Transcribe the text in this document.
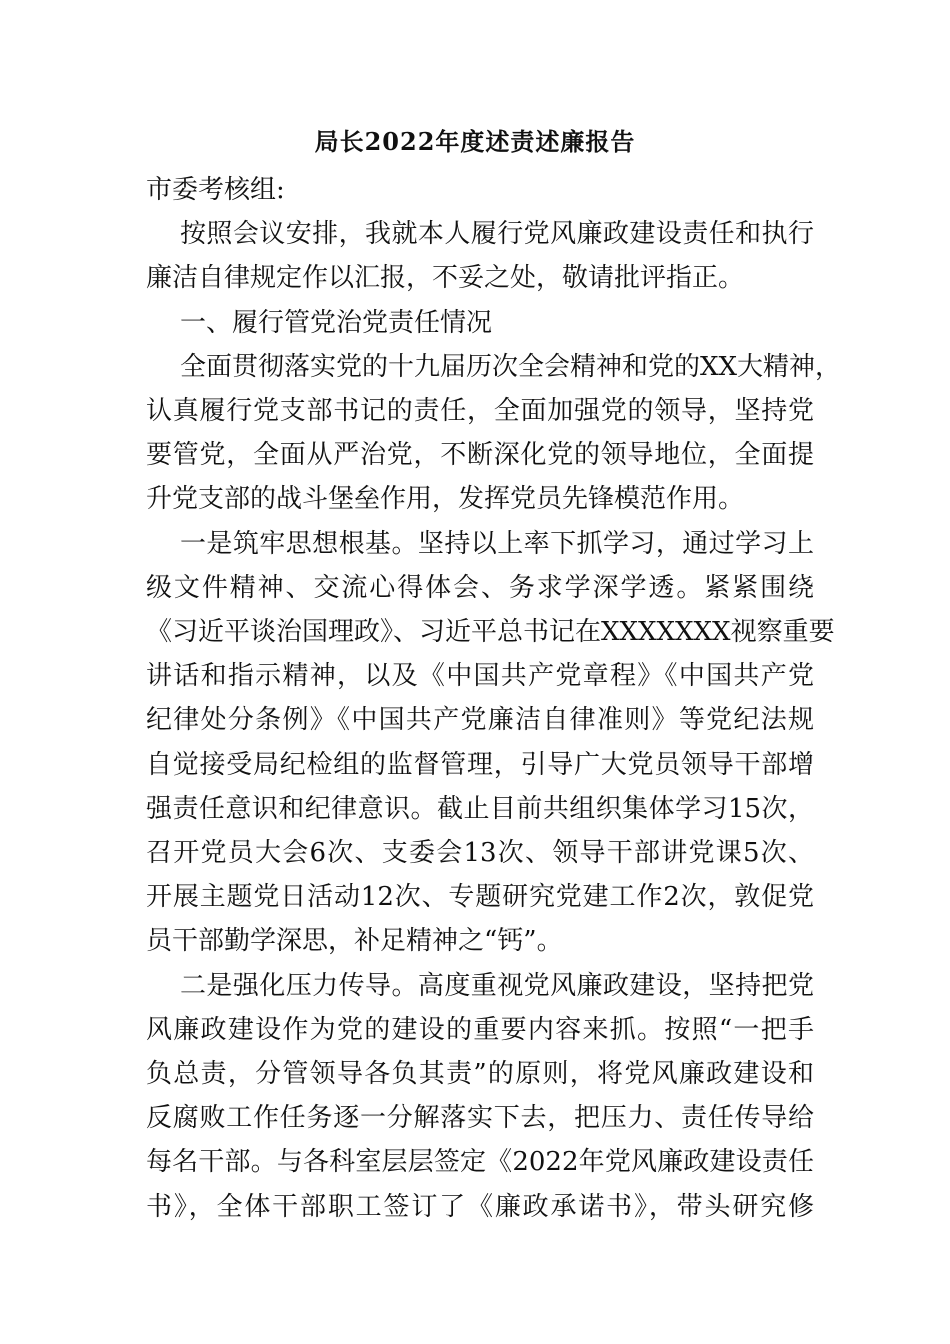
局长2022年度述责述廉报告
市委考核组:
按照会议安排，我就本人履行党风廉政建设责任和执行
廉洁自律规定作以汇报，不妥之处，敬请批评指正。
一、履行管党治党责任情况
全面贯彻落实党的十九届历次全会精神和党的XX大精神，
认真履行党支部书记的责任，全面加强党的领导，坚持党
要管党，全面从严治党，不断深化党的领导地位，全面提
升党支部的战斗堡垒作用，发挥党员先锋模范作用。
一是筑牢思想根基。坚持以上率下抓学习，通过学习上
级文件精神、交流心得体会、务求学深学透。紧紧围绕
《习近平谈治国理政》、习近平总书记在XXXXXXX视察重要
讲话和指示精神，以及《中国共产党章程》《中国共产党
纪律处分条例》《中国共产党廉洁自律准则》等党纪法规
自觉接受局纪检组的监督管理，引导广大党员领导干部增
强责任意识和纪律意识。截止目前共组织集体学习15次，
召开党员大会6次、支委会13次、领导干部讲党课5次、
开展主题党日活动12次、专题研究党建工作2次，敦促党
员干部勤学深思，补足精神之“钙”。
二是强化压力传导。高度重视党风廉政建设，坚持把党
风廉政建设作为党的建设的重要内容来抓。按照“一把手
负总责，分管领导各负其责”的原则，将党风廉政建设和
反腐败工作任务逐一分解落实下去，把压力、责任传导给
每名干部。与各科室层层签定《2022年党风廉政建设责任
书》，全体干部职工签订了《廉政承诺书》，带头研究修
